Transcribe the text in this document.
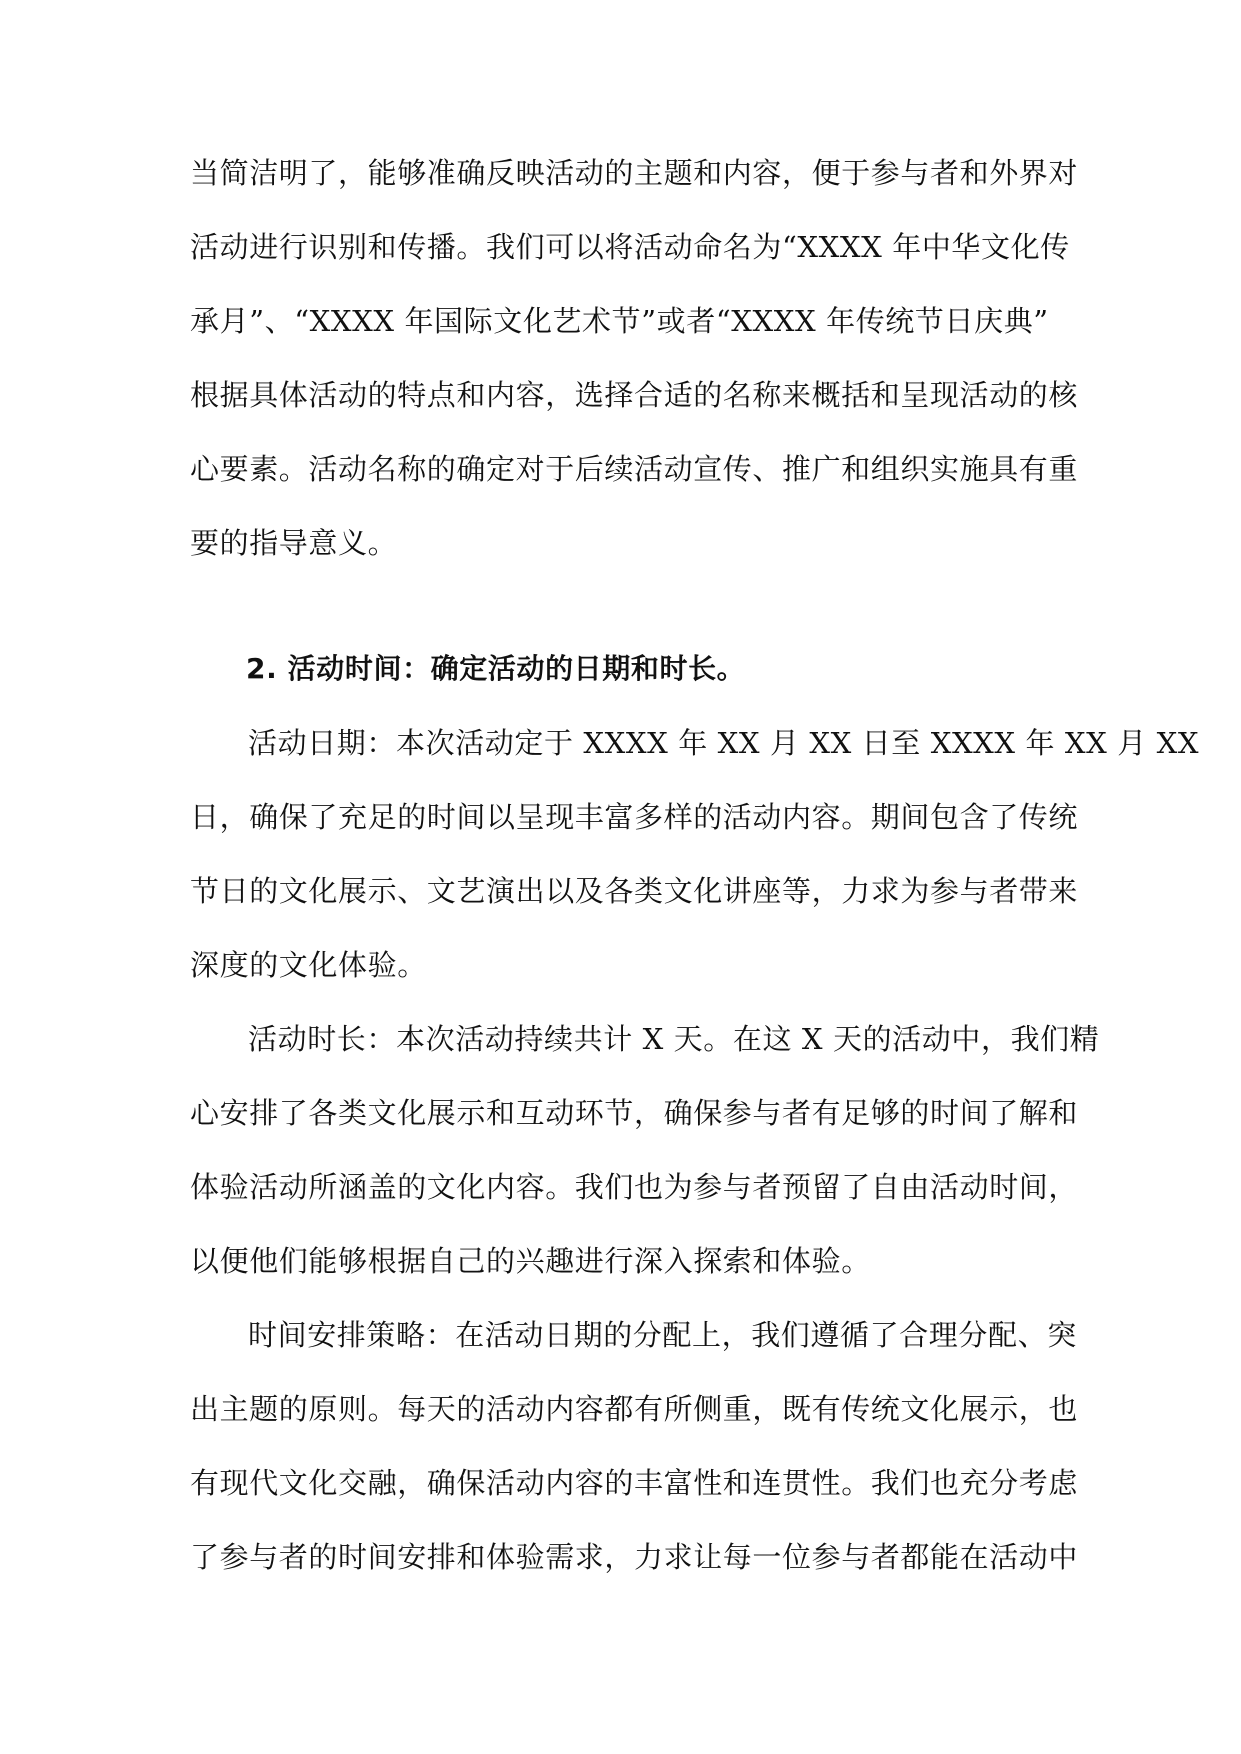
当简洁明了，能够准确反映活动的主题和内容，便于参与者和外界对
活动进行识别和传播。我们可以将活动命名为“XXXX 年中华文化传
承月”、“XXXX 年国际文化艺术节”或者“XXXX 年传统节日庆典”
根据具体活动的特点和内容，选择合适的名称来概括和呈现活动的核
心要素。活动名称的确定对于后续活动宣传、推广和组织实施具有重
要的指导意义。
2. 活动时间：确定活动的日期和时长。
活动日期：本次活动定于 XXXX 年 XX 月 XX 日至 XXXX 年 XX 月 XX
日，确保了充足的时间以呈现丰富多样的活动内容。期间包含了传统
节日的文化展示、文艺演出以及各类文化讲座等，力求为参与者带来
深度的文化体验。
活动时长：本次活动持续共计 X 天。在这 X 天的活动中，我们精
心安排了各类文化展示和互动环节，确保参与者有足够的时间了解和
体验活动所涵盖的文化内容。我们也为参与者预留了自由活动时间，
以便他们能够根据自己的兴趣进行深入探索和体验。
时间安排策略：在活动日期的分配上，我们遵循了合理分配、突
出主题的原则。每天的活动内容都有所侧重，既有传统文化展示，也
有现代文化交融，确保活动内容的丰富性和连贯性。我们也充分考虑
了参与者的时间安排和体验需求，力求让每一位参与者都能在活动中
